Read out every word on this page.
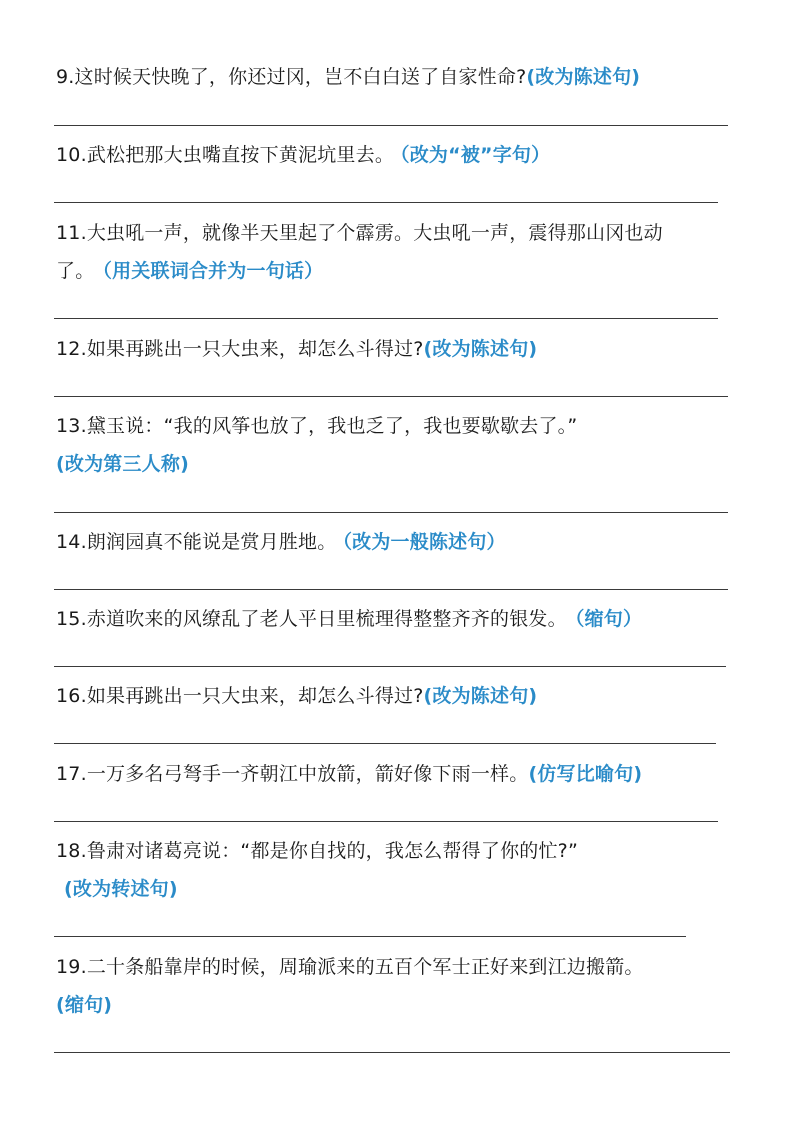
9.这时候天快晚了，你还过冈，岂不白白送了自家性命?(改为陈述句)
10.武松把那大虫嘴直按下黄泥坑里去。 （改为“被”字句）
11.大虫吼一声，就像半天里起了个霹雳。大虫吼一声，震得那山冈也动
了。 （用关联词合并为一句话）
12.如果再跳出一只大虫来，却怎么斗得过?(改为陈述句)
13.黛玉说：“我的风筝也放了，我也乏了，我也要歇歇去了。”
(改为第三人称)
14.朗润园真不能说是赏月胜地。 （改为一般陈述句）
15.赤道吹来的风缭乱了老人平日里梳理得整整齐齐的银发。 （缩句）
16.如果再跳出一只大虫来，却怎么斗得过?(改为陈述句)
17.一万多名弓弩手一齐朝江中放箭，箭好像下雨一样。(仿写比喻句)
18.鲁肃对诸葛亮说：“都是你自找的，我怎么帮得了你的忙?”
(改为转述句)
19.二十条船靠岸的时候，周瑜派来的五百个军士正好来到江边搬箭。
(缩句)
